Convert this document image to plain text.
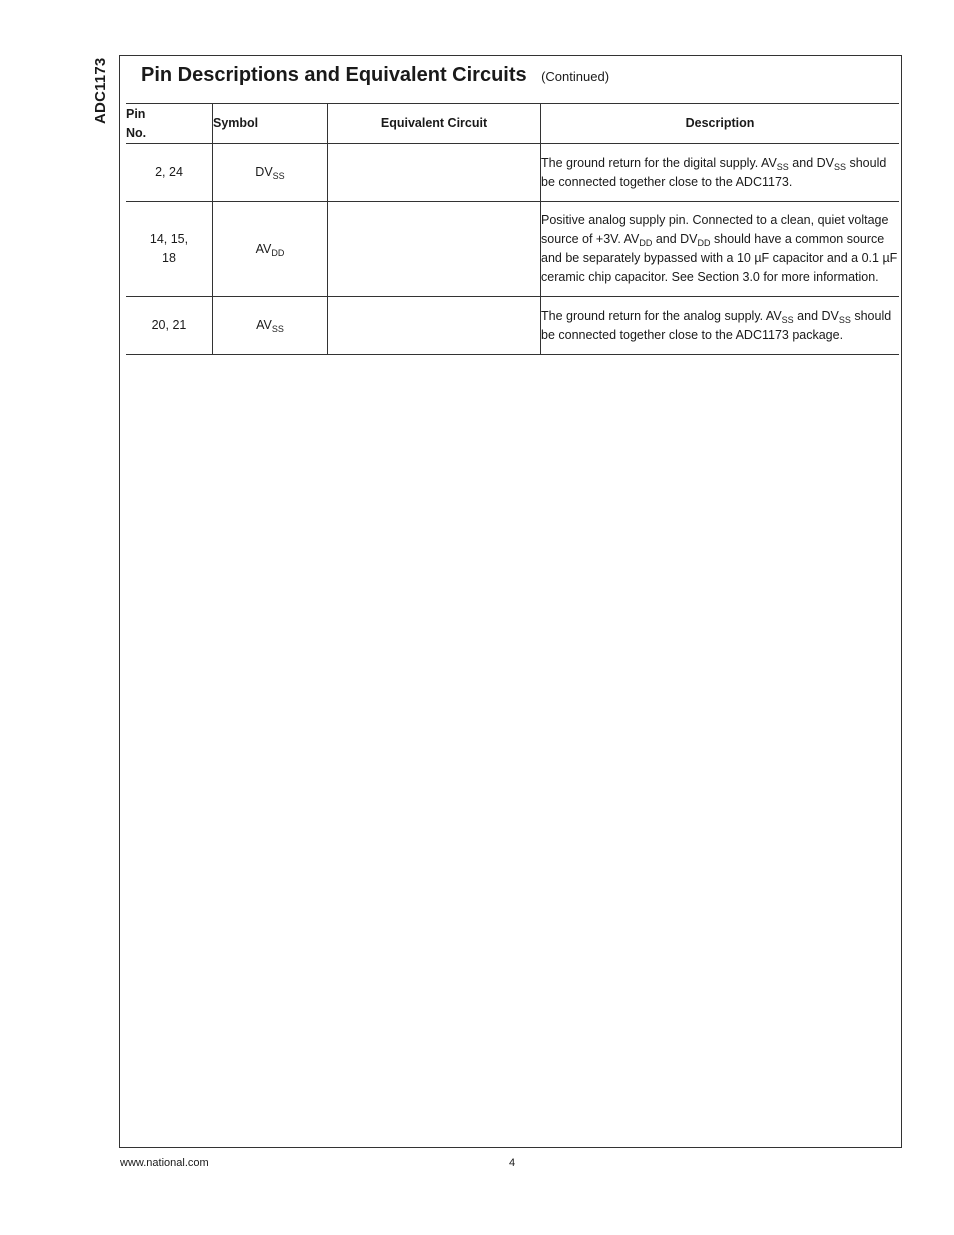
ADC1173 Pin Descriptions and Equivalent Circuits (Continued)
Pin
No.	Symbol	Equivalent Circuit	Description
2, 24	$DV_{SS}$		The ground return for the digital supply. $AV_{SS}$ and $DV_{SS}$ should be connected together close to the ADC1173.

14, 15,
18	$AV_{DD}$		Positive analog supply pin. Connected to a clean, quiet voltage source of +3V. $AV_{DD}$ and $DV_{DD}$ should have a common source and be separately bypassed with a 10 µF capacitor and a 0.1 µF ceramic chip capacitor. See Section 3.0 for more information.
20, 21	$AV_{SS}$		The ground return for the analog supply. $AV_{SS}$ and $DV_{SS}$ should be connected together close to the ADC1173 package.
www.national.com	4
